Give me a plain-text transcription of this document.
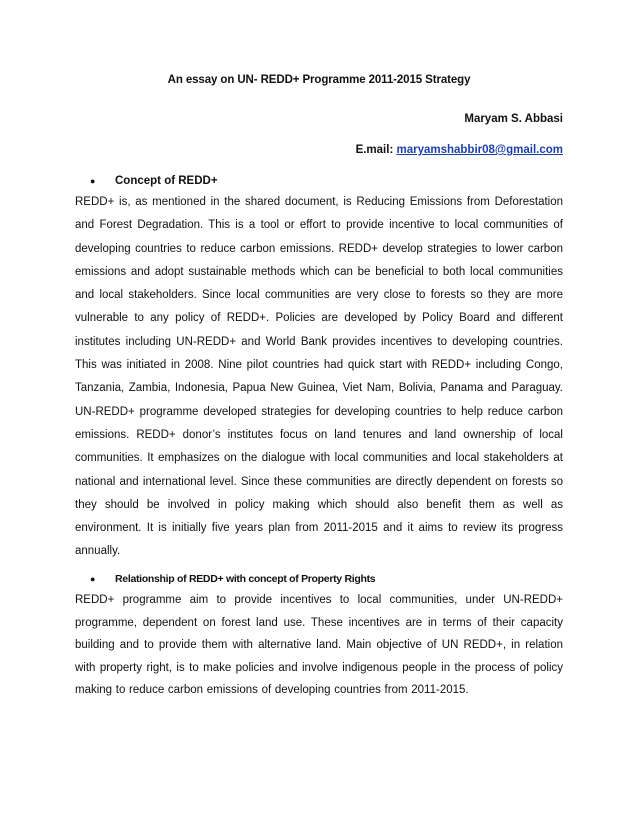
An essay on UN- REDD+ Programme 2011-2015 Strategy
Maryam S. Abbasi
E.mail: maryamshabbir08@gmail.com
● Concept of REDD+

REDD+ is, as mentioned in the shared document, is Reducing Emissions from Deforestation and Forest Degradation. This is a tool or effort to provide incentive to local communities of developing countries to reduce carbon emissions. REDD+ develop strategies to lower carbon emissions and adopt sustainable methods which can be beneficial to both local communities and local stakeholders. Since local communities are very close to forests so they are more vulnerable to any policy of REDD+. Policies are developed by Policy Board and different institutes including UN-REDD+ and World Bank provides incentives to developing countries. This was initiated in 2008. Nine pilot countries had quick start with REDD+ including Congo, Tanzania, Zambia, Indonesia, Papua New Guinea, Viet Nam, Bolivia, Panama and Paraguay. UN-REDD+ programme developed strategies for developing countries to help reduce carbon emissions. REDD+ donor’s institutes focus on land tenures and land ownership of local communities. It emphasizes on the dialogue with local communities and local stakeholders at national and international level. Since these communities are directly dependent on forests so they should be involved in policy making which should also benefit them as well as environment. It is initially five years plan from 2011-2015 and it aims to review its progress annually.

● Relationship of REDD+ with concept of Property Rights

REDD+ programme aim to provide incentives to local communities, under UN-REDD+ programme, dependent on forest land use. These incentives are in terms of their capacity building and to provide them with alternative land. Main objective of UN REDD+, in relation with property right, is to make policies and involve indigenous people in the process of policy making to reduce carbon emissions of developing countries from 2011-2015.
